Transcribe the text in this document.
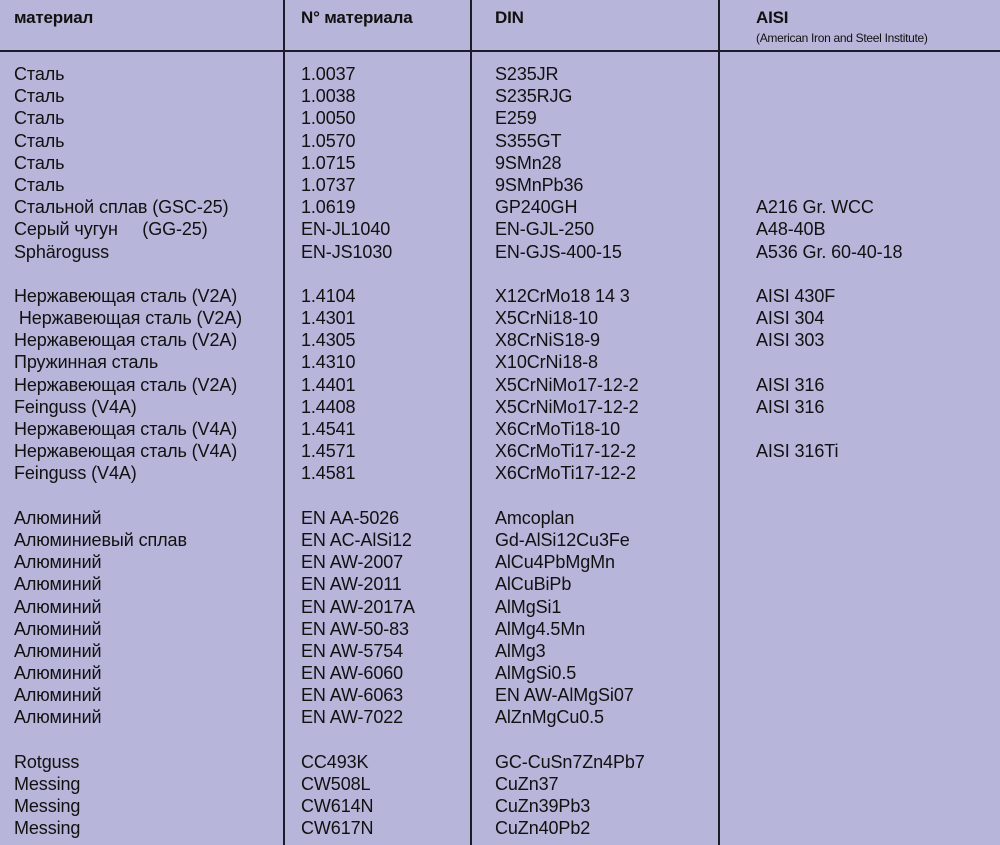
материал	N° материала	DIN	AISI
(American Iron and Steel Institute)
Сталь	1.0037	S235JR
Сталь	1.0038	S235RJG
Сталь	1.0050	E259
Сталь	1.0570	S355GT
Сталь	1.0715	9SMn28
Сталь	1.0737	9SMnPb36
Стальной сплав (GSC-25)	1.0619	GP240GH	A216 Gr. WCC
Серый чугун     (GG-25)	EN-JL1040	EN-GJL-250	A48-40B
Sphäroguss	EN-JS1030	EN-GJS-400-15	A536 Gr. 60-40-18
Нержавеющая сталь (V2A)	1.4104	X12CrMo18 14 3	AISI 430F
Нержавеющая сталь (V2A)	1.4301	X5CrNi18-10	AISI 304
Нержавеющая сталь (V2A)	1.4305	X8CrNiS18-9	AISI 303
Пружинная сталь	1.4310	X10CrNi18-8
Нержавеющая сталь (V2A)	1.4401	X5CrNiMo17-12-2	AISI 316
Feinguss (V4A)	1.4408	X5CrNiMo17-12-2	AISI 316
Нержавеющая сталь (V4A)	1.4541	X6CrMoTi18-10
Нержавеющая сталь (V4A)	1.4571	X6CrMoTi17-12-2	AISI 316Ti
Feinguss (V4A)	1.4581	X6CrMoTi17-12-2
Алюминий	EN AA-5026	Amcoplan
Алюминиевый сплав	EN AC-AlSi12	Gd-AlSi12Cu3Fe
Алюминий	EN AW-2007	AlCu4PbMgMn
Алюминий	EN AW-2011	AlCuBiPb
Алюминий	EN AW-2017A	AlMgSi1
Алюминий	EN AW-50-83	AlMg4.5Mn
Алюминий	EN AW-5754	AlMg3
Алюминий	EN AW-6060	AlMgSi0.5
Алюминий	EN AW-6063	EN AW-AlMgSi07
Алюминий	EN AW-7022	AlZnMgCu0.5
Rotguss	CC493K	GC-CuSn7Zn4Pb7
Messing	CW508L	CuZn37
Messing	CW614N	CuZn39Pb3
Messing	CW617N	CuZn40Pb2
